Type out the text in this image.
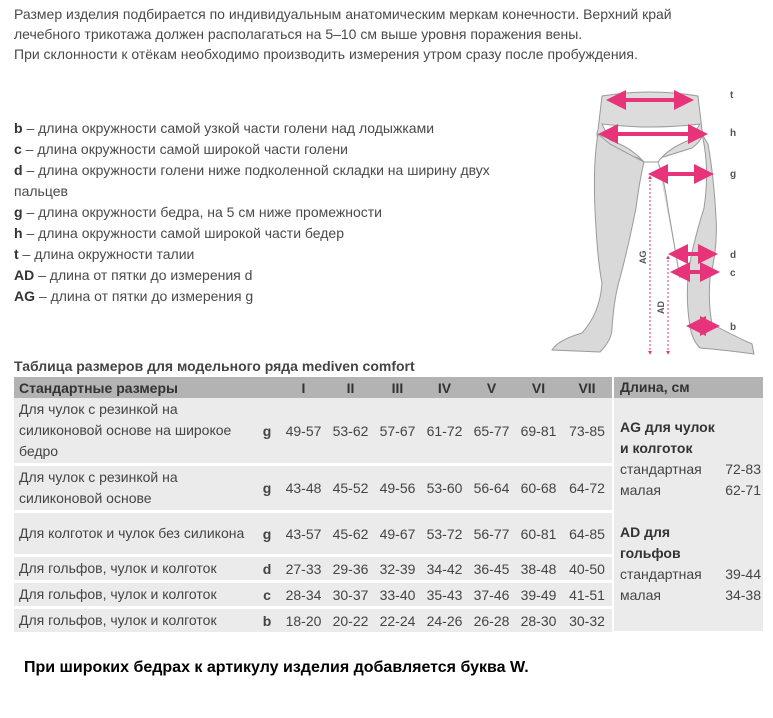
Размер изделия подбирается по индивидуальным анатомическим меркам конечности. Верхний край

лечебного трикотажа должен располагаться на 5–10 см выше уровня поражения вены.

При склонности к отёкам необходимо производить измерения утром сразу после пробуждения.

b – длина окружности самой узкой части голени над лодыжками
c – длина окружности самой широкой части голени
d – длина окружности голени ниже подколенной складки на ширину двух пальцев
g – длина окружности бедра, на 5 см ниже промежности
h – длина окружности самой широкой части бедер
t – длина окружности талии
AD – длина от пятки до измерения d
AG – длина от пятки до измерения g
t
h
g
d
c
b
AG
AD
Таблица размеров для модельного ряда mediven comfort
Стандартные размеры		I	II	III	IV	V	VI	VII
Для чулок с резинкой на силиконовой основе на широкое бедро	g	49-57	53-62	57-67	61-72	65-77	69-81	73-85
Для чулок с резинкой на силиконовой основе	g	43-48	45-52	49-56	53-60	56-64	60-68	64-72
Для колготок и чулок без силикона	g	43-57	45-62	49-67	53-72	56-77	60-81	64-85
Для гольфов, чулок и колготок	d	27-33	29-36	32-39	34-42	36-45	38-48	40-50
Для гольфов, чулок и колготок	c	28-34	30-37	33-40	35-43	37-46	39-49	41-51
Для гольфов, чулок и колготок	b	18-20	20-22	22-24	24-26	26-28	28-30	30-32
Длина, см
AG для чулок
и колготок
стандартная 72-83
малая	62-71
AD для
гольфов
стандартная 39-44
малая	34-38
При широких бедрах к артикулу изделия добавляется буква W.
